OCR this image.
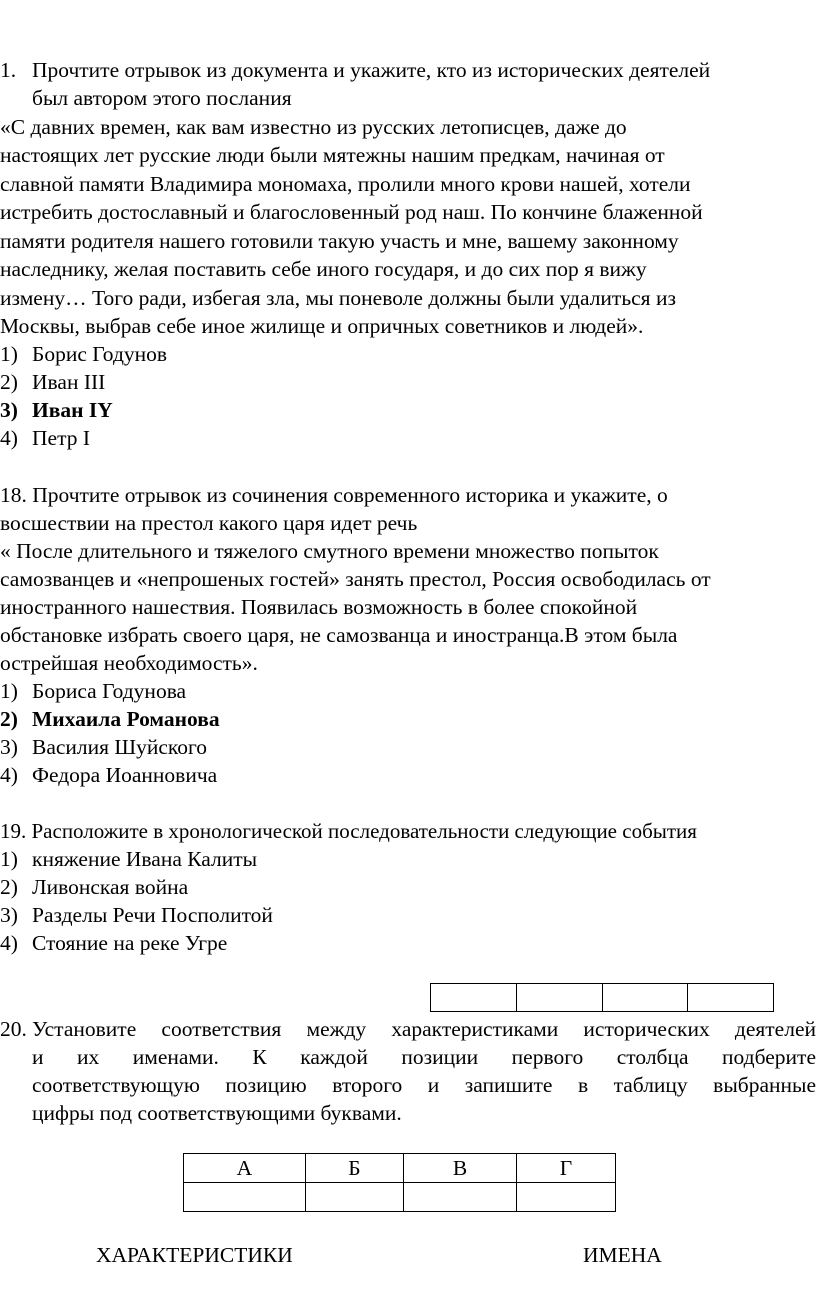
1. Прочтите отрывок из документа и укажите, кто из исторических деятелей
был автором этого послания
«С давних времен, как вам известно из русских летописцев, даже до
настоящих лет русские люди были мятежны нашим предкам, начиная от
славной памяти Владимира мономаха, пролили много крови нашей, хотели
истребить достославный и благословенный род наш. По кончине блаженной
памяти родителя нашего готовили такую участь и мне, вашему законному
наследнику, желая поставить себе иного государя, и до сих пор я вижу
измену… Того ради, избегая зла, мы поневоле должны были удалиться из
Москвы, выбрав себе иное жилище и опричных советников и людей».
1) Борис Годунов
2) Иван III
3) Иван IY
4) Петр I
18. Прочтите отрывок из сочинения современного историка и укажите, о
восшествии на престол какого царя идет речь
« После длительного и тяжелого смутного времени множество попыток
самозванцев и «непрошеных гостей» занять престол, Россия освободилась от
иностранного нашествия. Появилась возможность в более спокойной
обстановке избрать своего царя, не самозванца и иностранца.В этом была
острейшая необходимость».
1) Бориса Годунова
2) Михаила Романова
3) Василия Шуйского
4) Федора Иоанновича
19. Расположите в хронологической последовательности следующие события
1) княжение Ивана Калиты
2) Ливонская война
3) Разделы Речи Посполитой
4) Стояние на реке Угре

20. Установите соответствия между характеристиками исторических деятелей
и их именами. К каждой позиции первого столбца подберите
соответствующую позицию второго и запишите в таблицу выбранные
цифры под соответствующими буквами.
А	Б	В	Г

ХАРАКТЕРИСТИКИ	ИМЕНА
